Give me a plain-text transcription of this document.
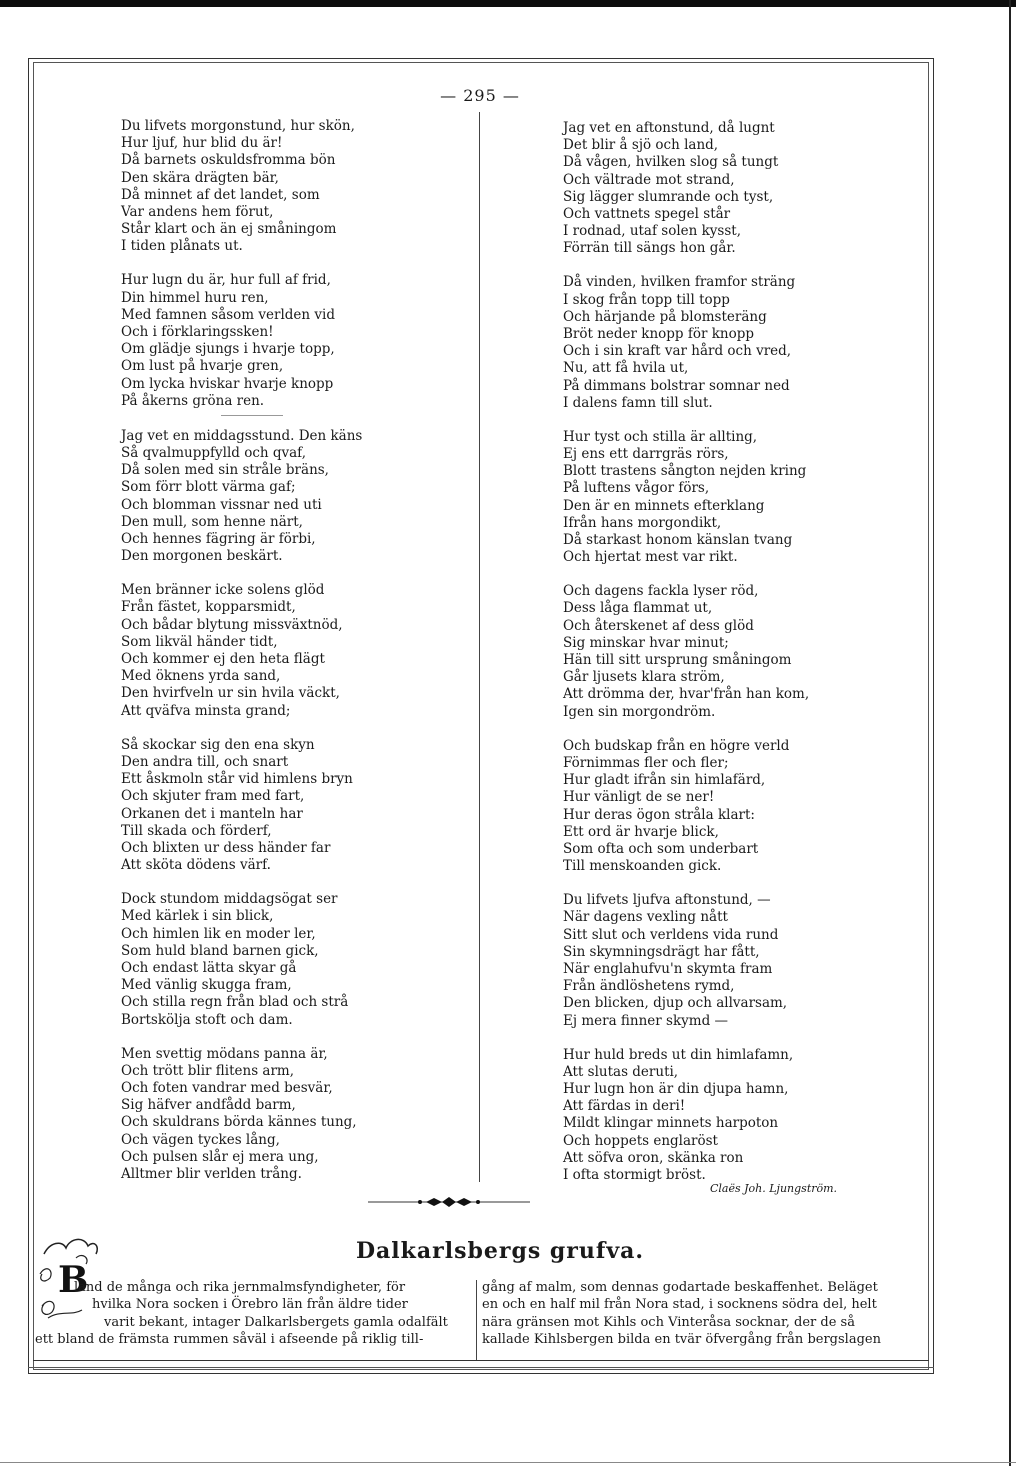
— 295 —
Du lifvets morgonstund, hur skön,
Hur ljuf, hur blid du är!
Då barnets oskuldsfromma bön
Den skära drägten bär,
Då minnet af det landet, som
Var andens hem förut,
Står klart och än ej småningom
I tiden plånats ut.
Hur lugn du är, hur full af frid,
Din himmel huru ren,
Med famnen såsom verlden vid
Och i förklaringssken!
Om glädje sjungs i hvarje topp,
Om lust på hvarje gren,
Om lycka hviskar hvarje knopp
På åkerns gröna ren.
Jag vet en middagsstund. Den käns
Så qvalmuppfylld och qvaf,
Då solen med sin stråle bräns,
Som förr blott värma gaf;
Och blomman vissnar ned uti
Den mull, som henne närt,
Och hennes fägring är förbi,
Den morgonen beskärt.
Men bränner icke solens glöd
Från fästet, kopparsmidt,
Och bådar blytung missväxtnöd,
Som likväl händer tidt,
Och kommer ej den heta flägt
Med öknens yrda sand,
Den hvirfveln ur sin hvila väckt,
Att qväfva minsta grand;
Så skockar sig den ena skyn
Den andra till, och snart
Ett åskmoln står vid himlens bryn
Och skjuter fram med fart,
Orkanen det i manteln har
Till skada och förderf,
Och blixten ur dess händer far
Att sköta dödens värf.
Dock stundom middagsögat ser
Med kärlek i sin blick,
Och himlen lik en moder ler,
Som huld bland barnen gick,
Och endast lätta skyar gå
Med vänlig skugga fram,
Och stilla regn från blad och strå
Bortskölja stoft och dam.
Men svettig mödans panna är,
Och trött blir flitens arm,
Och foten vandrar med besvär,
Sig häfver andfådd barm,
Och skuldrans börda kännes tung,
Och vägen tyckes lång,
Och pulsen slår ej mera ung,
Alltmer blir verlden trång.
Jag vet en aftonstund, då lugnt
Det blir å sjö och land,
Då vågen, hvilken slog så tungt
Och vältrade mot strand,
Sig lägger slumrande och tyst,
Och vattnets spegel står
I rodnad, utaf solen kysst,
Förrän till sängs hon går.
Då vinden, hvilken framfor sträng
I skog från topp till topp
Och härjande på blomsteräng
Bröt neder knopp för knopp
Och i sin kraft var hård och vred,
Nu, att få hvila ut,
På dimmans bolstrar somnar ned
I dalens famn till slut.
Hur tyst och stilla är allting,
Ej ens ett darrgräs rörs,
Blott trastens sångton nejden kring
På luftens vågor förs,
Den är en minnets efterklang
Ifrån hans morgondikt,
Då starkast honom känslan tvang
Och hjertat mest var rikt.
Och dagens fackla lyser röd,
Dess låga flammat ut,
Och återskenet af dess glöd
Sig minskar hvar minut;
Hän till sitt ursprung småningom
Går ljusets klara ström,
Att drömma der, hvar'från han kom,
Igen sin morgondröm.
Och budskap från en högre verld
Förnimmas fler och fler;
Hur gladt ifrån sin himlafärd,
Hur vänligt de se ner!
Hur deras ögon stråla klart:
Ett ord är hvarje blick,
Som ofta och som underbart
Till menskoanden gick.
Du lifvets ljufva aftonstund, —
När dagens vexling nått
Sitt slut och verldens vida rund
Sin skymningsdrägt har fått,
När englahufvu'n skymta fram
Från ändlöshetens rymd,
Den blicken, djup och allvarsam,
Ej mera finner skymd —
Hur huld breds ut din himlafamn,
Att slutas deruti,
Hur lugn hon är din djupa hamn,
Att färdas in deri!
Mildt klingar minnets harpoton
Och hoppets englaröst
Att söfva oron, skänka ron
I ofta stormigt bröst.
Claës Joh. Ljungström.
Dalkarlsbergs grufva.
B
land de många och rika jernmalmsfyndigheter, för
hvilka Nora socken i Örebro län från äldre tider
varit bekant, intager Dalkarlsbergets gamla odalfält
ett bland de främsta rummen såväl i afseende på riklig till-
gång af malm, som dennas godartade beskaffenhet. Beläget
en och en half mil från Nora stad, i socknens södra del, helt
nära gränsen mot Kihls och Vinteråsa socknar, der de så
kallade Kihlsbergen bilda en tvär öfvergång från bergslagen
